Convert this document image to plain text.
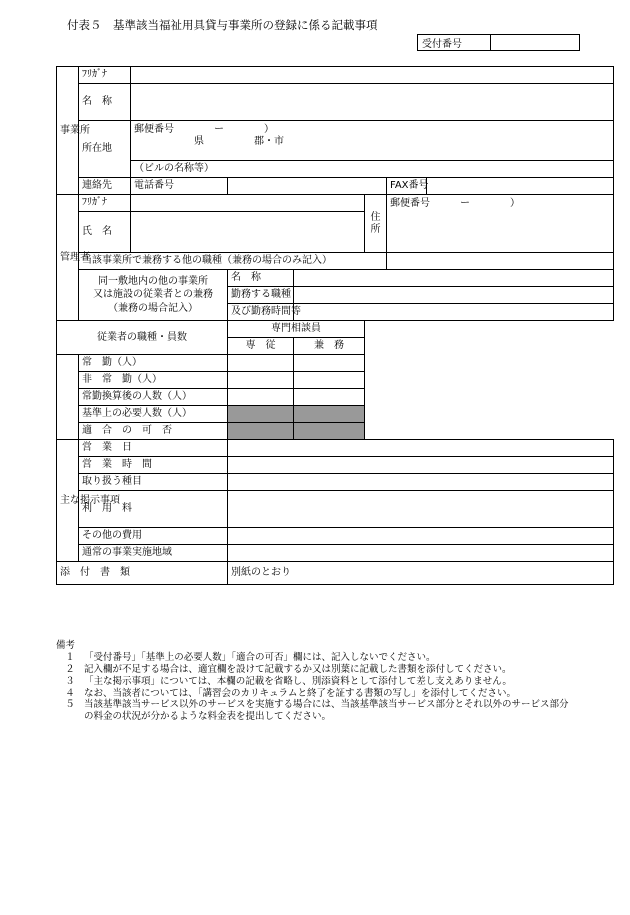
付表５　基準該当福祉用具貸与事業所の登録に係る記載事項
受付番号	
事業所	ﾌﾘｶﾞﾅ						
	名　称						
	所在地	郵便番号　　　　ー　　　　）
県　　　　　郡・市					

		（ビルの名称等）					
	連絡先	電話番号				FAX番号	
管理者	ﾌﾘｶﾞﾅ				住　所	郵便番号　　　ー　　　　）	
	氏　名						
	当該事業所で兼務する他の職種（兼務の場合のみ記入）						

	同一敷地内の他の事業所
又は施設の従業者との兼務
（兼務の場合記入）		名　称				
			勤務する職種				
			及び勤務時間等				
従業者の職種・員数			専門相談員				
			専　従	兼　務			
	常　勤（人）						
	非　常　勤（人）						
	常勤換算後の人数（人）						
	基準上の必要人数（人）						
	適　合　の　可　否						
主な掲示事項	営　業　日						
	営　業　時　間						
	取り扱う種目						
	利　用　料						
	その他の費用						
	通常の事業実施地域						
添　付　書　類			別紙のとおり				
備考
１ 「受付番号」「基準上の必要人数」「適合の可否」欄には、記入しないでください。
２ 記入欄が不足する場合は、適宜欄を設けて記載するか又は別葉に記載した書類を添付してください。
３ 「主な掲示事項」については、本欄の記載を省略し、別添資料として添付して差し支えありません。
４ なお、当該者については、「講習会のカリキュラムと終了を証する書類の写し」を添付してください。
５ 当該基準該当サービス以外のサービスを実施する場合には、当該基準該当サービス部分とそれ以外のサービス部分の料金の状況が分かるような料金表を提出してください。
